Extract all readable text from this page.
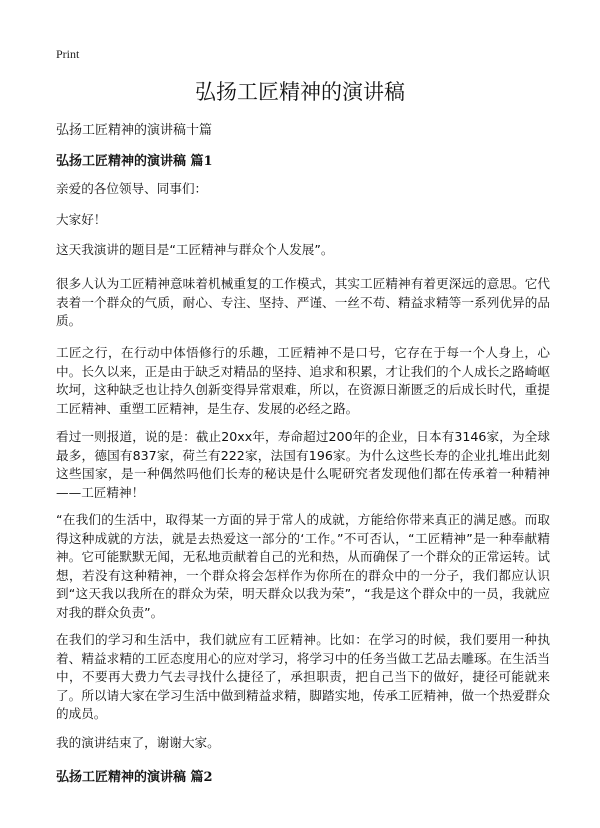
Print
弘扬工匠精神的演讲稿
弘扬工匠精神的演讲稿十篇
弘扬工匠精神的演讲稿 篇1

亲爱的各位领导、同事们：

大家好！

这天我演讲的题目是“工匠精神与群众个人发展”。

很多人认为工匠精神意味着机械重复的工作模式，其实工匠精神有着更深远的意思。它代表着一个群众的气质，耐心、专注、坚持、严谨、一丝不苟、精益求精等一系列优异的品质。

工匠之行，在行动中体悟修行的乐趣，工匠精神不是口号，它存在于每一个人身上，心中。长久以来，正是由于缺乏对精品的坚持、追求和积累，才让我们的个人成长之路崎岖坎坷，这种缺乏也让持久创新变得异常艰难，所以，在资源日渐匮乏的后成长时代，重提工匠精神、重塑工匠精神，是生存、发展的必经之路。

看过一则报道，说的是：截止20xx年，寿命超过200年的企业，日本有3146家，为全球最多，德国有837家，荷兰有222家，法国有196家。为什么这些长寿的企业扎堆出此刻这些国家，是一种偶然吗他们长寿的秘诀是什么呢研究者发现他们都在传承着一种精神——工匠精神！

“在我们的生活中，取得某一方面的异于常人的成就，方能给你带来真正的满足感。而取得这种成就的方法，就是去热爱这一部分的‘工作。”不可否认，“工匠精神”是一种奉献精神。它可能默默无闻，无私地贡献着自己的光和热，从而确保了一个群众的正常运转。试想，若没有这种精神，一个群众将会怎样作为你所在的群众中的一分子，我们都应认识到“这天我以我所在的群众为荣，明天群众以我为荣”，“我是这个群众中的一员，我就应对我的群众负责”。

在我们的学习和生活中，我们就应有工匠精神。比如：在学习的时候，我们要用一种执着、精益求精的工匠态度用心的应对学习，将学习中的任务当做工艺品去雕琢。在生活当中，不要再大费力气去寻找什么捷径了，承担职责，把自己当下的做好，捷径可能就来了。所以请大家在学习生活中做到精益求精，脚踏实地，传承工匠精神，做一个热爱群众的成员。

我的演讲结束了，谢谢大家。

弘扬工匠精神的演讲稿 篇2
